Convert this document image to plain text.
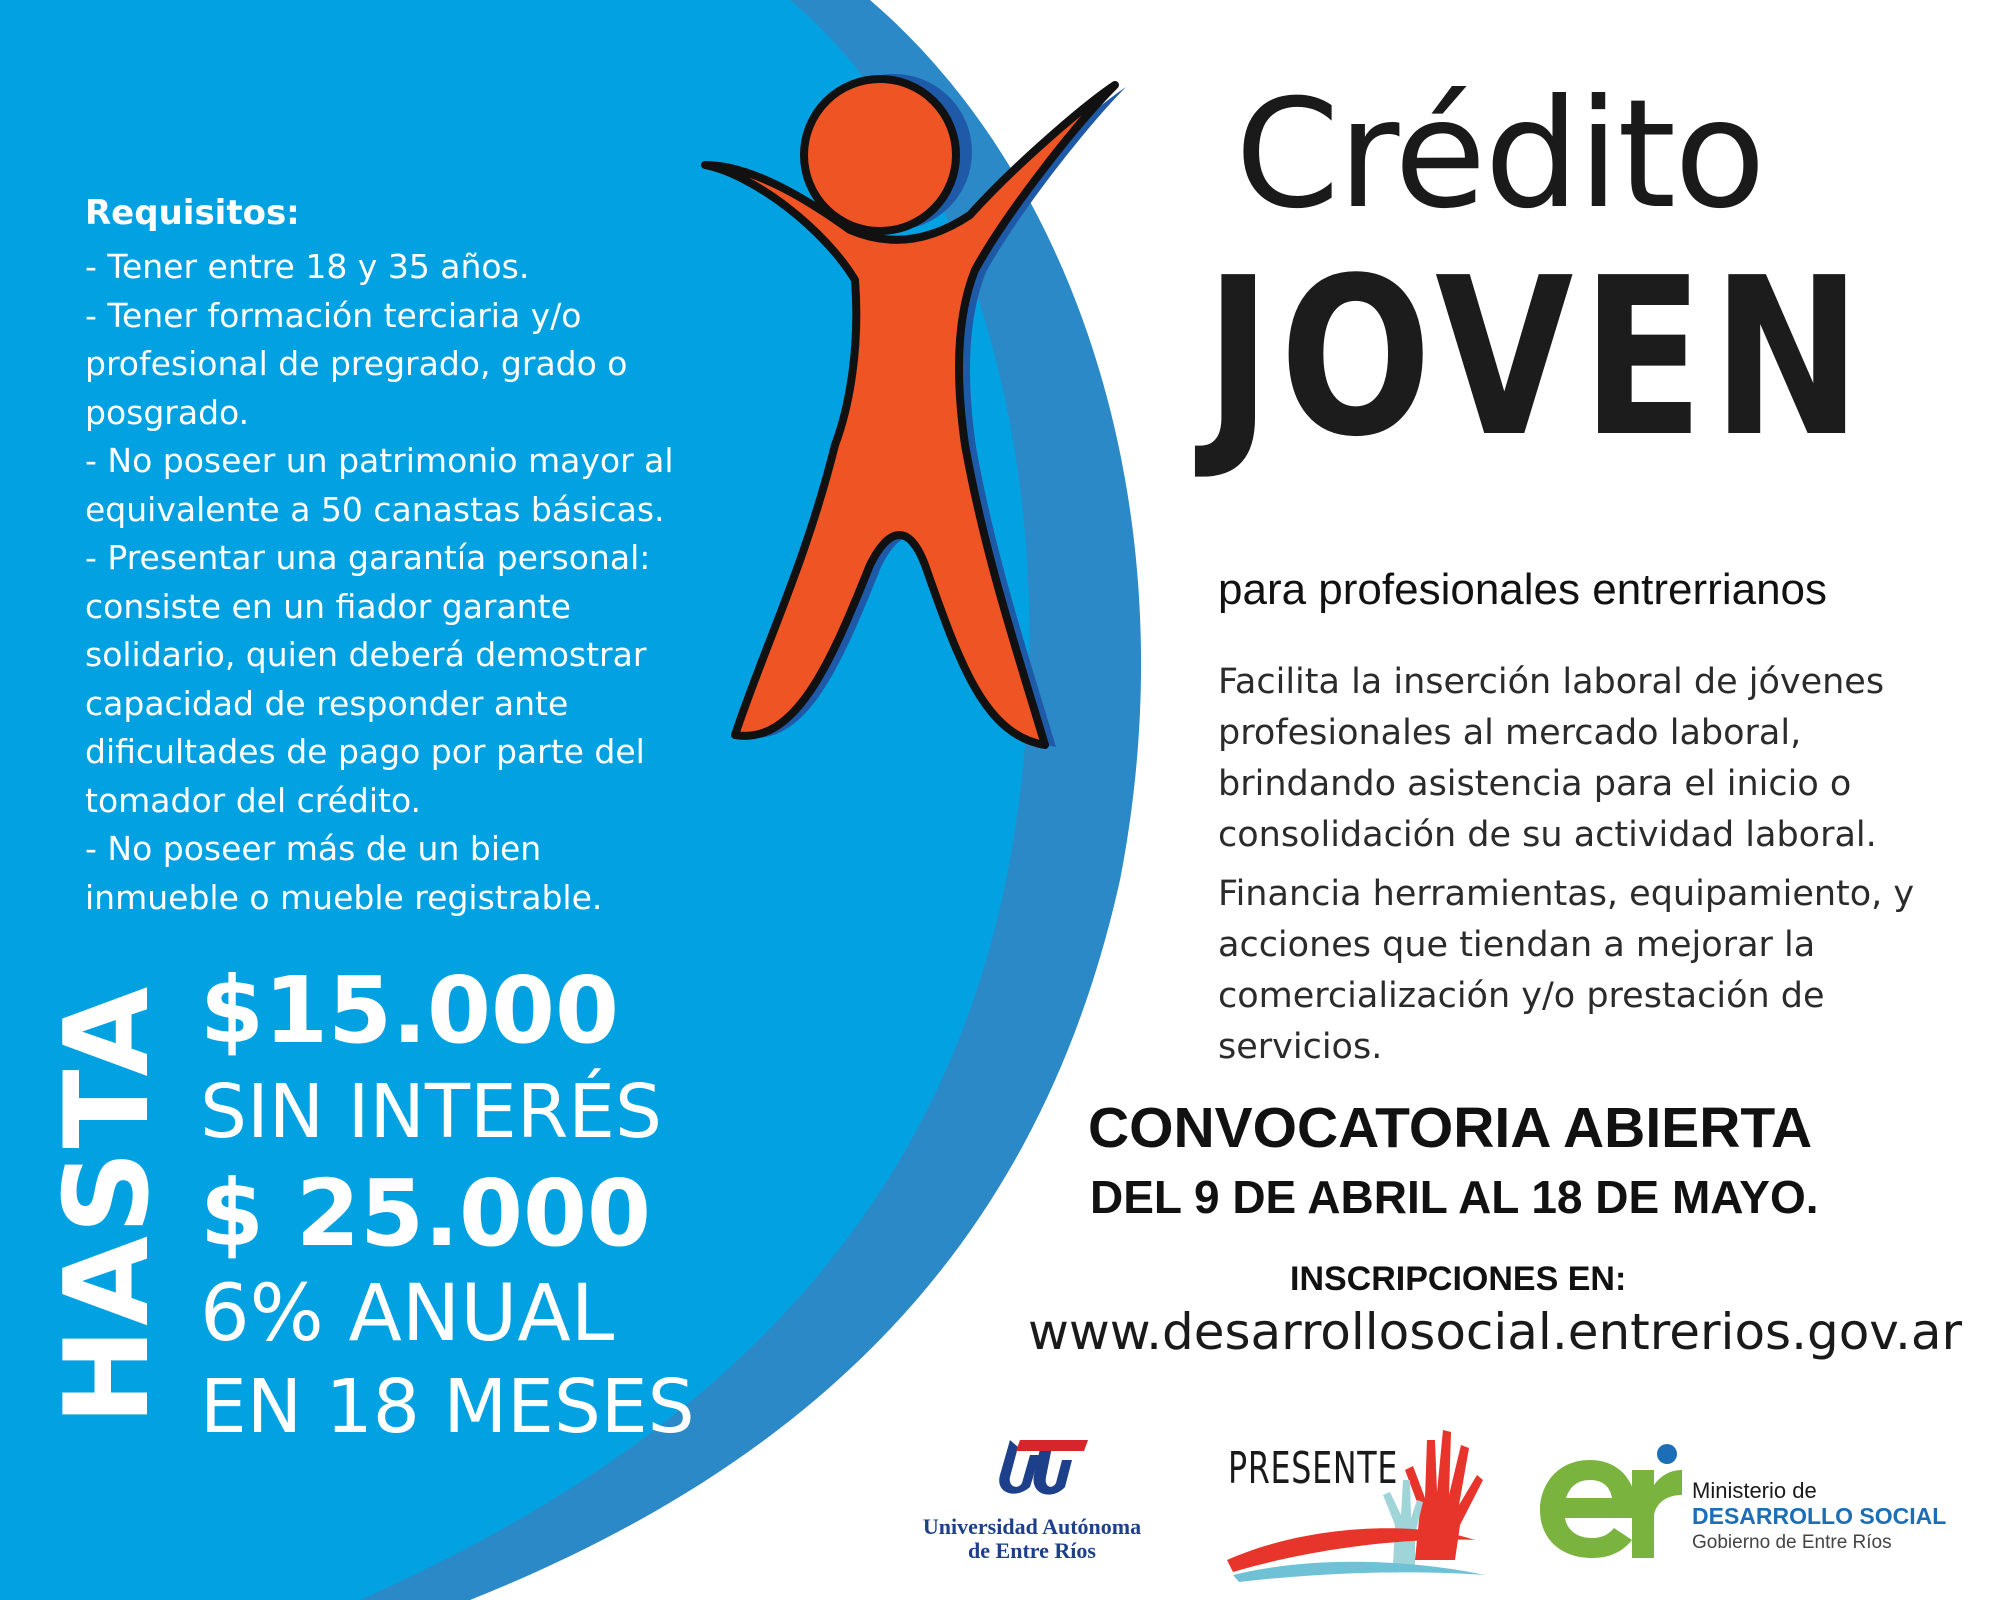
Requisitos:
- Tener entre 18 y 35 años.
- Tener formación terciaria y/o
profesional de pregrado, grado o
posgrado.
- No poseer un patrimonio mayor al
equivalente a 50 canastas básicas.
- Presentar una garantía personal:
consiste en un fiador garante
solidario, quien deberá demostrar
capacidad de responder ante
dificultades de pago por parte del
tomador del crédito.
- No poseer más de un bien
inmueble o mueble registrable.
HASTA $15.000
SIN INTERÉS
$ 25.000
6% ANUAL
EN 18 MESES
Crédito
JOVEN
para profesionales entrerrianos

Facilita la inserción laboral de jóvenes profesionales al mercado laboral, brindando asistencia para el inicio o consolidación de su actividad laboral.

Financia herramientas, equipamiento, y acciones que tiendan a mejorar la comercialización y/o prestación de servicios.

CONVOCATORIA ABIERTA
DEL 9 DE ABRIL AL 18 DE MAYO.
INSCRIPCIONES EN:
www.desarrollosocial.entrerios.gov.ar
Universidad Autónoma
de Entre Ríos
PRESENTE	Ministerio de
DESARROLLO SOCIAL
Gobierno de Entre Ríos
